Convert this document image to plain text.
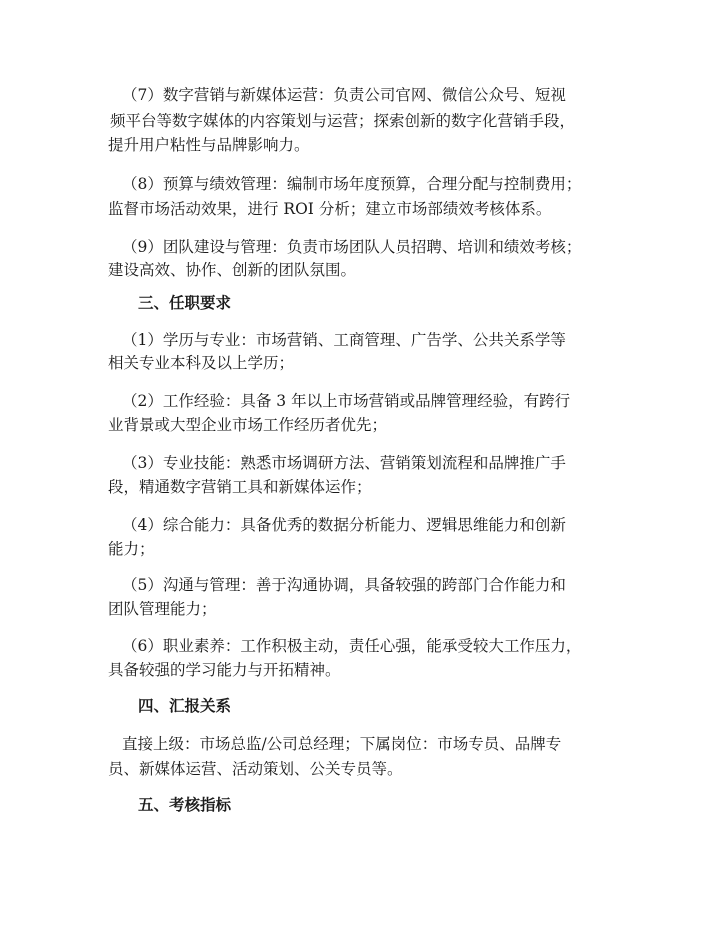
（7）数字营销与新媒体运营：负责公司官网、微信公众号、短视
频平台等数字媒体的内容策划与运营；探索创新的数字化营销手段，
提升用户粘性与品牌影响力。
（8）预算与绩效管理：编制市场年度预算，合理分配与控制费用；
监督市场活动效果，进行 ROI 分析；建立市场部绩效考核体系。
（9）团队建设与管理：负责市场团队人员招聘、培训和绩效考核；
建设高效、协作、创新的团队氛围。
三、任职要求
（1）学历与专业：市场营销、工商管理、广告学、公共关系学等
相关专业本科及以上学历；
（2）工作经验：具备 3 年以上市场营销或品牌管理经验，有跨行
业背景或大型企业市场工作经历者优先；
（3）专业技能：熟悉市场调研方法、营销策划流程和品牌推广手
段，精通数字营销工具和新媒体运作；
（4）综合能力：具备优秀的数据分析能力、逻辑思维能力和创新
能力；
（5）沟通与管理：善于沟通协调，具备较强的跨部门合作能力和
团队管理能力；
（6）职业素养：工作积极主动，责任心强，能承受较大工作压力，
具备较强的学习能力与开拓精神。
四、汇报关系
直接上级：市场总监/公司总经理；下属岗位：市场专员、品牌专
员、新媒体运营、活动策划、公关专员等。
五、考核指标
